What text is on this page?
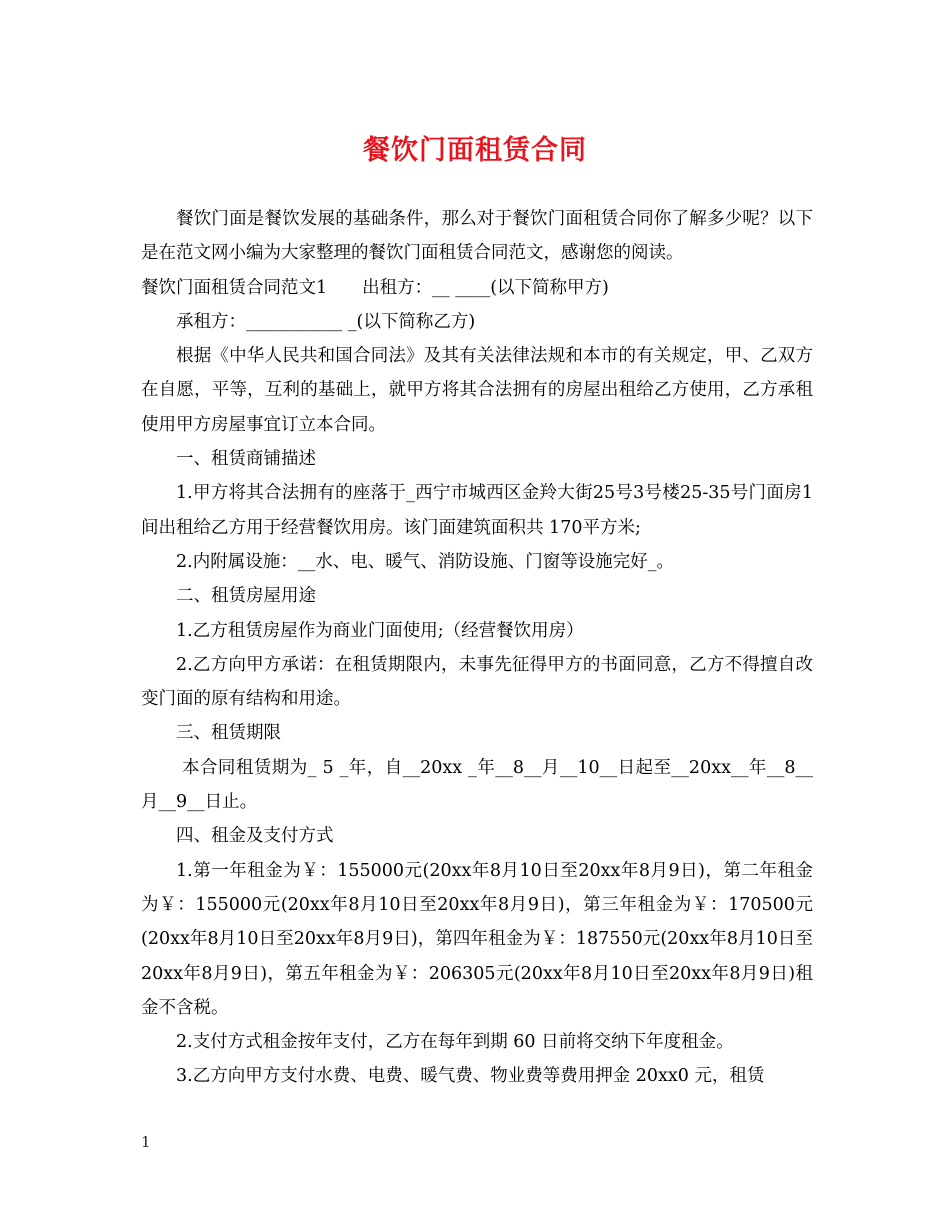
餐饮门面租赁合同

餐饮门面是餐饮发展的基础条件，那么对于餐饮门面租赁合同你了解多少呢？以下是在范文网小编为大家整理的餐饮门面租赁合同范文，感谢您的阅读。

餐饮门面租赁合同范文1　　出租方：__ ____(以下简称甲方)

承租方：___________ _(以下简称乙方)

根据《中华人民共和国合同法》及其有关法律法规和本市的有关规定，甲、乙双方在自愿，平等，互利的基础上，就甲方将其合法拥有的房屋出租给乙方使用，乙方承租使用甲方房屋事宜订立本合同。

一、租赁商铺描述

1.甲方将其合法拥有的座落于_西宁市城西区金羚大街25号3号楼25-35号门面房1间出租给乙方用于经营餐饮用房。该门面建筑面积共 170平方米;

2.内附属设施：__水、电、暖气、消防设施、门窗等设施完好_。

二、租赁房屋用途

1.乙方租赁房屋作为商业门面使用;（经营餐饮用房）

2.乙方向甲方承诺：在租赁期限内，未事先征得甲方的书面同意，乙方不得擅自改变门面的原有结构和用途。

三、租赁期限

本合同租赁期为_ 5 _年，自__20xx _年__8__月__10__日起至__20xx__年__8__月__9__日止。

四、租金及支付方式

1.第一年租金为￥：155000元(20xx年8月10日至20xx年8月9日)，第二年租金为￥：155000元(20xx年8月10日至20xx年8月9日)，第三年租金为￥：170500元(20xx年8月10日至20xx年8月9日)，第四年租金为￥：187550元(20xx年8月10日至20xx年8月9日)，第五年租金为￥：206305元(20xx年8月10日至20xx年8月9日)租金不含税。

2.支付方式租金按年支付，乙方在每年到期 60 日前将交纳下年度租金。

3.乙方向甲方支付水费、电费、暖气费、物业费等费用押金 20xx0 元，租赁

1
